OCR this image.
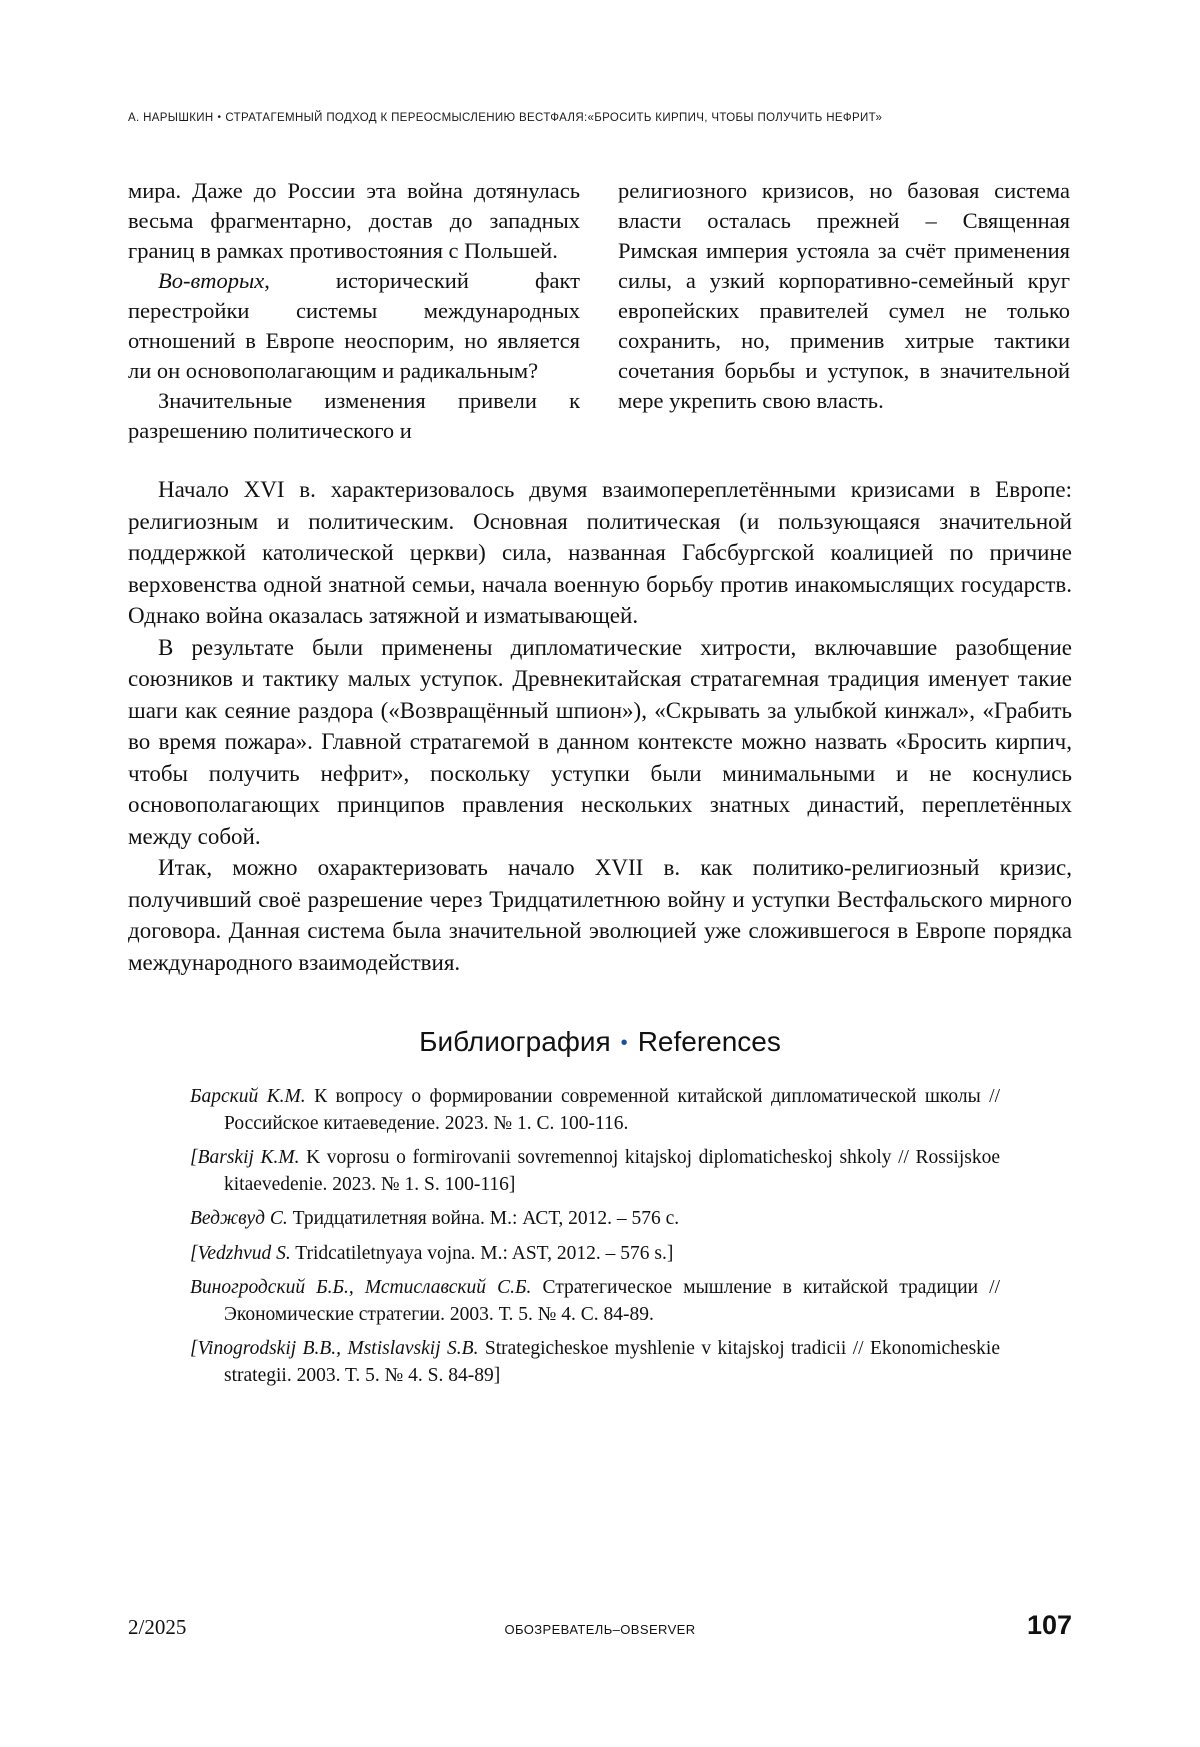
А. НАРЫШКИН • СТРАТАГЕМНЫЙ ПОДХОД К ПЕРЕОСМЫСЛЕНИЮ ВЕСТФАЛЯ:«БРОСИТЬ КИРПИЧ, ЧТОБЫ ПОЛУЧИТЬ НЕФРИТ»

мира. Даже до России эта война дотянулась весьма фрагментарно, достав до западных границ в рамках противостояния с Польшей.

Во-вторых, исторический факт перестройки системы международных отношений в Европе неоспорим, но является ли он основополагающим и радикальным?

Значительные изменения привели к разрешению политического и

религиозного кризисов, но базовая система власти осталась прежней – Священная Римская империя устояла за счёт применения силы, а узкий корпоративно-семейный круг европейских правителей сумел не только сохранить, но, применив хитрые тактики сочетания борьбы и уступок, в значительной мере укрепить свою власть.

Начало XVI в. характеризовалось двумя взаимопереплетёнными кризисами в Европе: религиозным и политическим. Основная политическая (и пользующаяся значительной поддержкой католической церкви) сила, названная Габсбургской коалицией по причине верховенства одной знатной семьи, начала военную борьбу против инакомыслящих государств. Однако война оказалась затяжной и изматывающей.

В результате были применены дипломатические хитрости, включавшие разобщение союзников и тактику малых уступок. Древнекитайская стратагемная традиция именует такие шаги как сеяние раздора («Возвращённый шпион»), «Скрывать за улыбкой кинжал», «Грабить во время пожара». Главной стратагемой в данном контексте можно назвать «Бросить кирпич, чтобы получить нефрит», поскольку уступки были минимальными и не коснулись основополагающих принципов правления нескольких знатных династий, переплетённых между собой.

Итак, можно охарактеризовать начало XVII в. как политико-религиозный кризис, получивший своё разрешение через Тридцатилетнюю войну и уступки Вестфальского мирного договора. Данная система была значительной эволюцией уже сложившегося в Европе порядка международного взаимодействия.

Библиография • References
Барский К.М. К вопросу о формировании современной китайской дипломатической школы // Российское китаеведение. 2023. № 1. С. 100-116.
[Barskij K.M. K voprosu o formirovanii sovremennoj kitajskoj diplomaticheskoj shkoly // Rossijskoe kitaevedenie. 2023. № 1. S. 100-116]
Веджвуд С. Тридцатилетняя война. М.: АСТ, 2012. – 576 с.
[Vedzhvud S. Tridcatiletnyaya vojna. M.: AST, 2012. – 576 s.]
Виногродский Б.Б., Мстиславский С.Б. Стратегическое мышление в китайской традиции // Экономические стратегии. 2003. Т. 5. № 4. С. 84-89.
[Vinogrodskij B.B., Mstislavskij S.B. Strategicheskoe myshlenie v kitajskoj tradicii // Ekonomicheskie strategii. 2003. T. 5. № 4. S. 84-89]
2/2025	ОБОЗРЕВАТЕЛЬ–OBSERVER	107
